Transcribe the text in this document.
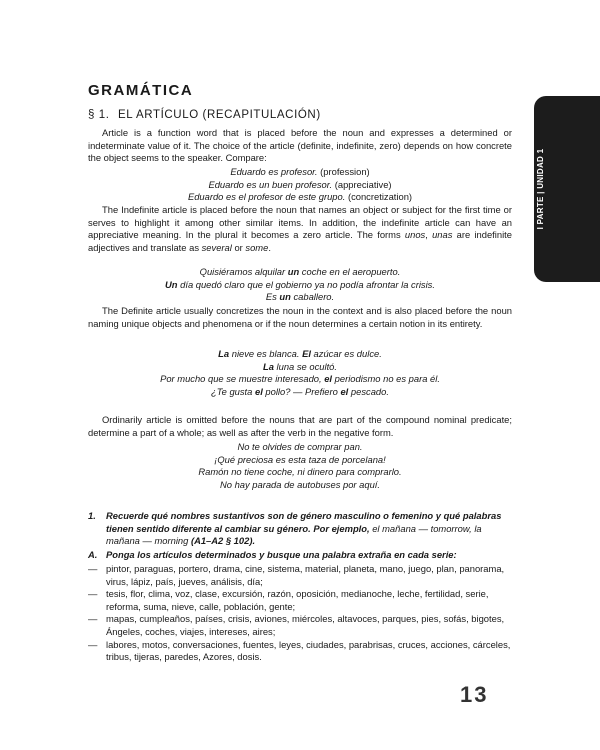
I PARTE | UNIDAD 1
GRAMÁTICA
§ 1. EL ARTÍCULO (RECAPITULACIÓN)
Article is a function word that is placed before the noun and expresses a determined or indeterminate value of it. The choice of the article (definite, indefinite, zero) depends on how concrete the object seems to the speaker. Compare:
Eduardo es profesor. (profession)
Eduardo es un buen profesor. (appreciative)
Eduardo es el profesor de este grupo. (concretization)
The Indefinite article is placed before the noun that names an object or subject for the first time or serves to highlight it among other similar items. In addition, the indefinite article can have an appreciative meaning. In the plural it becomes a zero article. The forms unos, unas are indefinite adjectives and translate as several or some.
Quisiéramos alquilar un coche en el aeropuerto.
Un día quedó claro que el gobierno ya no podía afrontar la crisis.
Es un caballero.
The Definite article usually concretizes the noun in the context and is also placed before the noun naming unique objects and phenomena or if the noun determines a certain notion in its entirety.
La nieve es blanca. El azúcar es dulce.
La luna se ocultó.
Por mucho que se muestre interesado, el periodismo no es para él.
¿Te gusta el pollo? — Prefiero el pescado.
Ordinarily article is omitted before the nouns that are part of the compound nominal predicate; determine a part of a whole; as well as after the verb in the negative form.
No te olvides de comprar pan.
¡Qué preciosa es esta taza de porcelana!
Ramón no tiene coche, ni dinero para comprarlo.
No hay parada de autobuses por aquí.
1. Recuerde qué nombres sustantivos son de género masculino o femenino y qué palabras tienen sentido diferente al cambiar su género. Por ejemplo, el mañana — tomorrow, la mañana — morning (A1–A2 § 102).
A. Ponga los artículos determinados y busque una palabra extraña en cada serie:
— pintor, paraguas, portero, drama, cine, sistema, material, planeta, mano, juego, plan, panorama, virus, lápiz, país, jueves, análisis, día;
— tesis, flor, clima, voz, clase, excursión, razón, oposición, medianoche, leche, fertilidad, serie, reforma, suma, nieve, calle, población, gente;
— mapas, cumpleaños, países, crisis, aviones, miércoles, altavoces, parques, pies, sofás, bigotes, Ángeles, coches, viajes, intereses, aires;
— labores, motos, conversaciones, fuentes, leyes, ciudades, parabrisas, cruces, acciones, cárceles, tribus, tijeras, paredes, Azores, dosis.
13
